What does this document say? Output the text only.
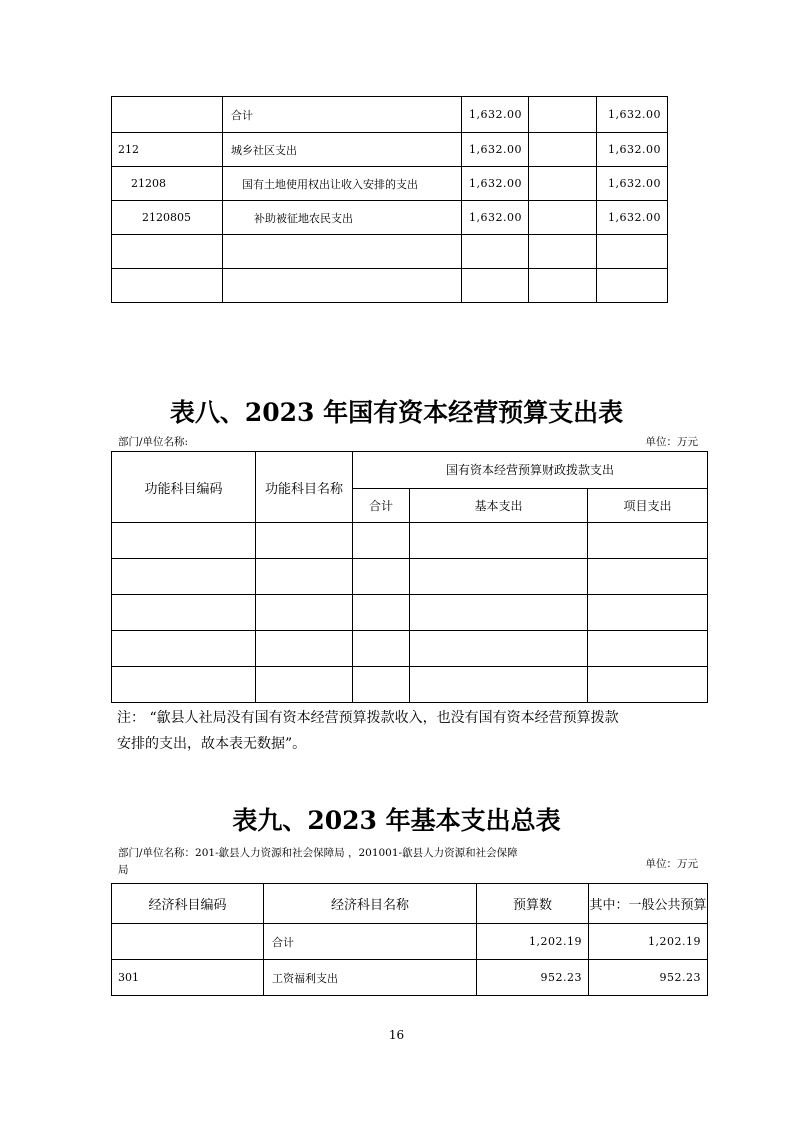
	合计	1,632.00		1,632.00
212	城乡社区支出	1,632.00		1,632.00
21208	国有土地使用权出让收入安排的支出	1,632.00		1,632.00
2120805	补助被征地农民支出	1,632.00		1,632.00

表八、2023 年国有资本经营预算支出表
部门/单位名称:	单位：万元
功能科目编码	功能科目名称	国有资本经营预算财政拨款支出		
		合计	基本支出	项目支出

注： “歙县人社局没有国有资本经营预算拨款收入，也没有国有资本经营预算拨款
安排的支出，故本表无数据”。
表九、2023 年基本支出总表
部门/单位名称：201-歙县人力资源和社会保障局 ，201001-歙县人力资源和社会保障
局	单位：万元
经济科目编码	经济科目名称	预算数	其中：一般公共预算
	合计	1,202.19	1,202.19
301	工资福利支出	952.23	952.23
16
